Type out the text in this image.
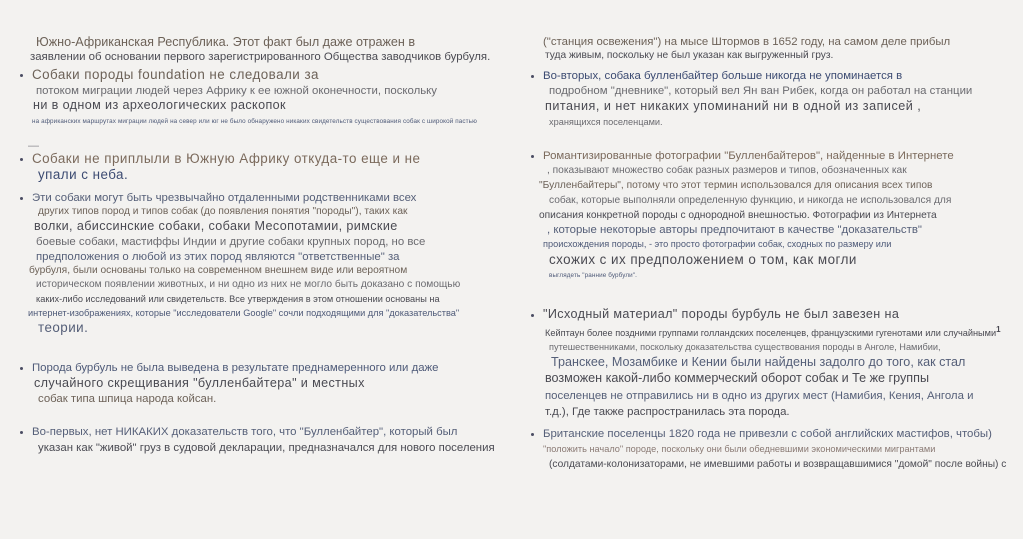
Южно-Африканская Республика. Этот факт был даже отражен в
заявлении об основании первого зарегистрированного Общества заводчиков бурбуля.
Собаки породы foundation не следовали за
потоком миграции людей через Африку к ее южной оконечности, поскольку
ни в одном из археологических раскопок
на африканских маршрутах миграции людей на север или юг не было обнаружено никаких свидетельств существования собак с широкой пастью
—
Собаки не приплыли в Южную Африку откуда-то еще и не
упали с неба.
Эти собаки могут быть чрезвычайно отдаленными родственниками всех
других типов пород и типов собак (до появления понятия "породы"), таких как
волки, абиссинские собаки, собаки Месопотамии, римские
боевые собаки, мастиффы Индии и другие собаки крупных пород, но все
предположения о любой из этих пород являются "ответственные" за
бурбуля, были основаны только на современном внешнем виде или вероятном
историческом появлении животных, и ни одно из них не могло быть доказано с помощью
каких-либо исследований или свидетельств. Все утверждения в этом отношении основаны на
интернет-изображениях, которые "исследователи Google" сочли подходящими для "доказательства"
теории.
Порода бурбуль не была выведена в результате преднамеренного или даже
случайного скрещивания "булленбайтера" и местных
собак типа шпица народа койсан.
Во-первых, нет НИКАКИХ доказательств того, что "Булленбайтер", который был
указан как "живой" груз в судовой декларации, предназначался для нового поселения
("станция освежения") на мысе Штормов в 1652 году, на самом деле прибыл
туда живым, поскольку не был указан как выгруженный груз.
Во-вторых, собака булленбайтер больше никогда не упоминается в
подробном "дневнике", который вел Ян ван Рибек, когда он работал на станции
питания, и нет никаких упоминаний ни в одной из записей ,
хранящихся поселенцами.
Романтизированные фотографии "Булленбайтеров", найденные в Интернете
, показывают множество собак разных размеров и типов, обозначенных как
"Булленбайтеры", потому что этот термин использовался для описания всех типов
собак, которые выполняли определенную функцию, и никогда не использовался для
описания конкретной породы с однородной внешностью. Фотографии из Интернета
, которые некоторые авторы предпочитают в качестве "доказательств"
происхождения породы, - это просто фотографии собак, сходных по размеру или
схожих с их предположением о том, как могли
выглядеть "ранние бурбули".
"Исходный материал" породы бурбуль не был завезен на
Кейптаун более поздними группами голландских поселенцев, французскими гугенотами или случайными1
путешественниками, поскольку доказательства существования породы в Анголе, Намибии,
Транскее, Мозамбике и Кении были найдены задолго до того, как стал
возможен какой-либо коммерческий оборот собак и Те же группы
поселенцев не отправились ни в одно из других мест (Намибия, Кения, Ангола и
т.д.), Где также распространилась эта порода.
Британские поселенцы 1820 года не привезли с собой английских мастифов, чтобы)
"положить начало" породе, поскольку они были обедневшими экономическими мигрантами
(солдатами-колонизаторами, не имевшими работы и возвращавшимися "домой" после войны) с
